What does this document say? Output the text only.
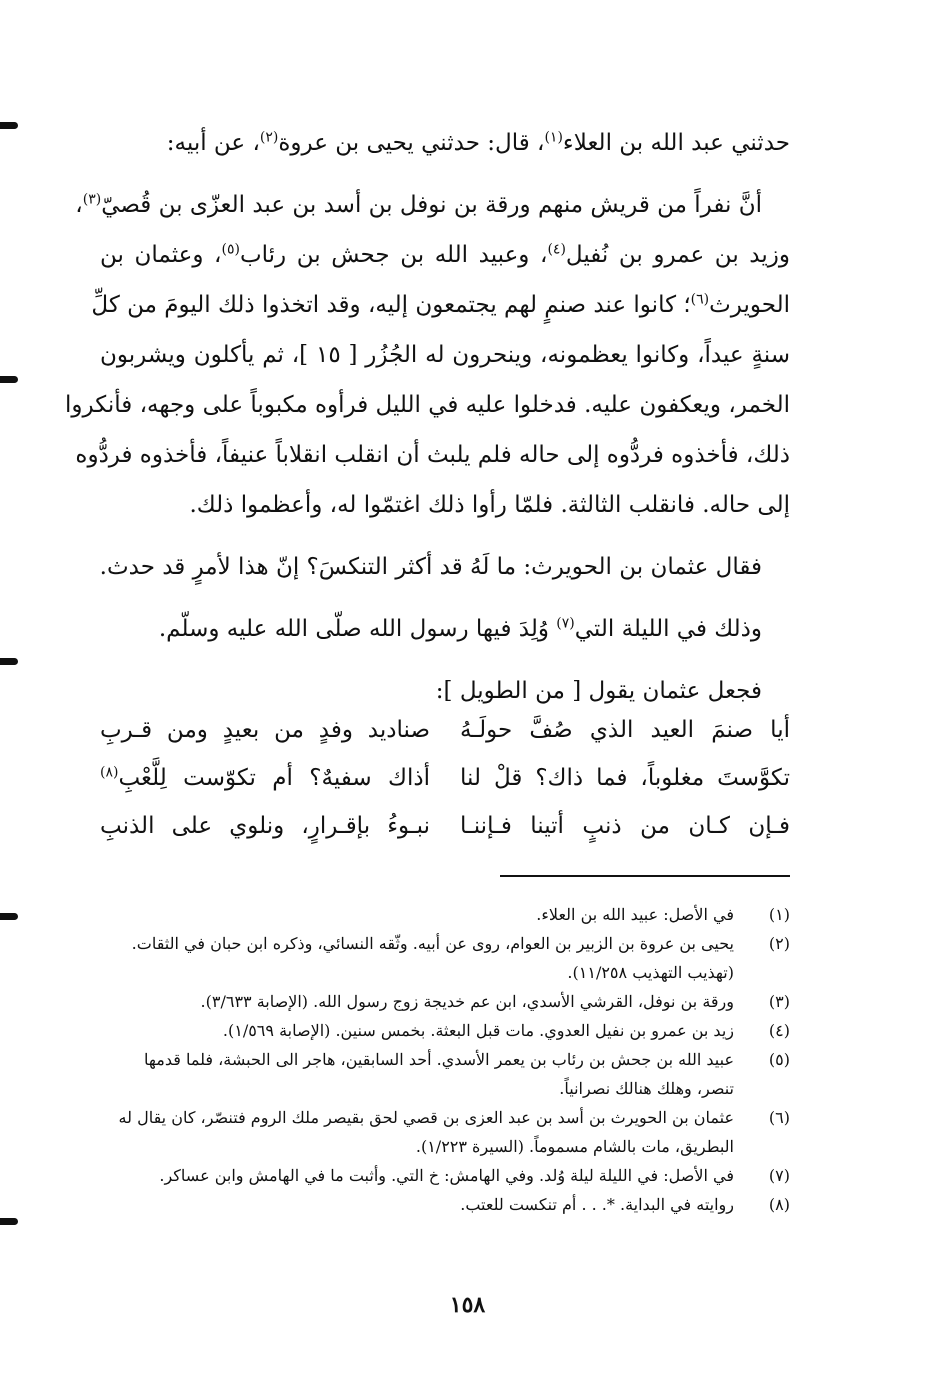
حدثني عبد الله بن العلاء$^{(١)}$، قال: حدثني يحيى بن عروة$^{(٢)}$، عن أبيه:
أنَّ نفراً من قريش منهم ورقة بن نوفل بن أسد بن عبد العزّى بن قُصيّ$^{(٣)}$،
وزيد بن عمرو بن نُفيل$^{(٤)}$، وعبيد الله بن جحش بن رئاب$^{(٥)}$، وعثمان بن
الحويرث$^{(٦)}$؛ كانوا عند صنمٍ لهم يجتمعون إليه، وقد اتخذوا ذلك اليومَ من كلِّ
سنةٍ عيداً، وكانوا يعظمونه، وينحرون له الجُزُر [ ١٥ ]، ثم يأكلون ويشربون
الخمر، ويعكفون عليه. فدخلوا عليه في الليل فرأوه مكبوباً على وجهه، فأنكروا
ذلك، فأخذوه فردُّوه إلى حاله فلم يلبث أن انقلب انقلاباً عنيفاً، فأخذوه فردُّوه
إلى حاله. فانقلب الثالثة. فلمّا رأوا ذلك اغتمّوا له، وأعظموا ذلك.
فقال عثمان بن الحويرث: ما لَهُ قد أكثر التنكسَ؟ إنّ هذا لأمرٍ قد حدث.
وذلك في الليلة التي$^{(٧)}$ وُلِدَ فيها رسول الله صلّى الله عليه وسلّم.
فجعل عثمان يقول [ من الطويل ]:
أيا صنمَ العيد الذي صُفَّ حولَـهُ
صناديد وفدٍ من بعيدٍ ومن قـربِ
تكوَّستَ مغلوباً، فما ذاك؟ قلْ لنا
أذاك سفيهٌ؟ أم تكوّست لِلَّعْبِ$^{(٨)}$
فـإن كـان من ذنبٍ أتينا فـإننـا
نبـوءُ بإقـرارٍ، ونلوي على الذنبِ
(١)
في الأصل: عبيد الله بن العلاء.
(٢)
يحيى بن عروة بن الزبير بن العوام، روى عن أبيه. وثّقه النسائي، وذكره ابن حبان في الثقات.
(تهذيب التهذيب ١١/٢٥٨).
(٣)
ورقة بن نوفل، القرشي الأسدي، ابن عم خديجة زوج رسول الله. (الإصابة ٣/٦٣٣).
(٤)
زيد بن عمرو بن نفيل العدوي. مات قبل البعثة. بخمس سنين. (الإصابة ١/٥٦٩).
(٥)
عبيد الله بن جحش بن رئاب بن يعمر الأسدي. أحد السابقين، هاجر الى الحبشة، فلما قدمها
تنصر، وهلك هنالك نصرانياً.
(٦)
عثمان بن الحويرث بن أسد بن عبد العزى بن قصي لحق بقيصر ملك الروم فتنصّر، كان يقال له
البطريق، مات بالشام مسموماً. (السيرة ١/٢٢٣).
(٧)
في الأصل: في الليلة ليلة وُلد. وفي الهامش: خ التي. وأثبت ما في الهامش وابن عساكر.
(٨)
روايته في البداية. *. . . أم تنكست للعتب.
١٥٨
